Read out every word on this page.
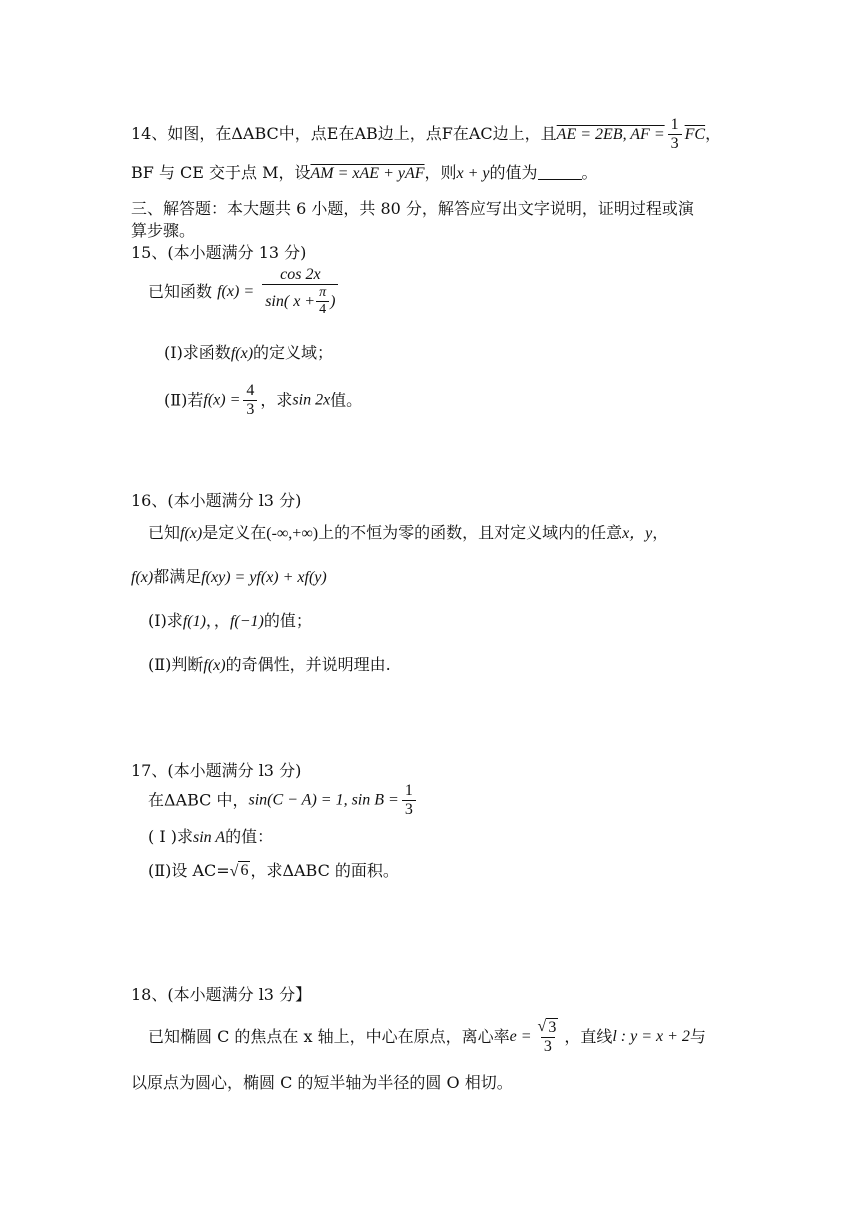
14、如图，在ΔABC中，点E在AB边上，点F在AC边上，且AE = 2EB, AF = $\frac{1}{3} \overline{FC}$，
BF 与 CE 交于点 M，设AM = xAE + yAF，则x + y的值为	。
三、解答题：本大题共 6 小题，共 80 分，解答应写出文字说明，证明过程或演
算步骤。
15、(本小题满分 13 分)
已知函数 $f(x) = \frac{\cos 2x}{\sin( x + \frac{\pi}{4} )}$
(I)求函数f(x)的定义域；
(Ⅱ)若$f(x) = \frac{4}{3}$ ，求sin 2x值。
16、(本小题满分 l3 分)
已知f(x)是定义在(-∞,+∞)上的不恒为零的函数，且对定义域内的任意x，y，
f(x)都满足f(xy) = yf(x) + xf(y)
(I)求f(1)，，f(−1)的值；
(Ⅱ)判断f(x)的奇偶性，并说明理由.
17、(本小题满分 l3 分)
在ΔABC 中，sin(C − A) = 1, $\sin B = \frac{1}{3}$
( I )求sin A的值：
(Ⅱ)设 AC=√ 6 ，求ΔABC 的面积。
18、(本小题满分 l3 分】
已知椭圆 C 的焦点在 x 轴上，中心在原点，离心率$e = \frac{√ 3}{3}$ ，直线l : y = x + 2与
以原点为圆心，椭圆 C 的短半轴为半径的圆 O 相切。
